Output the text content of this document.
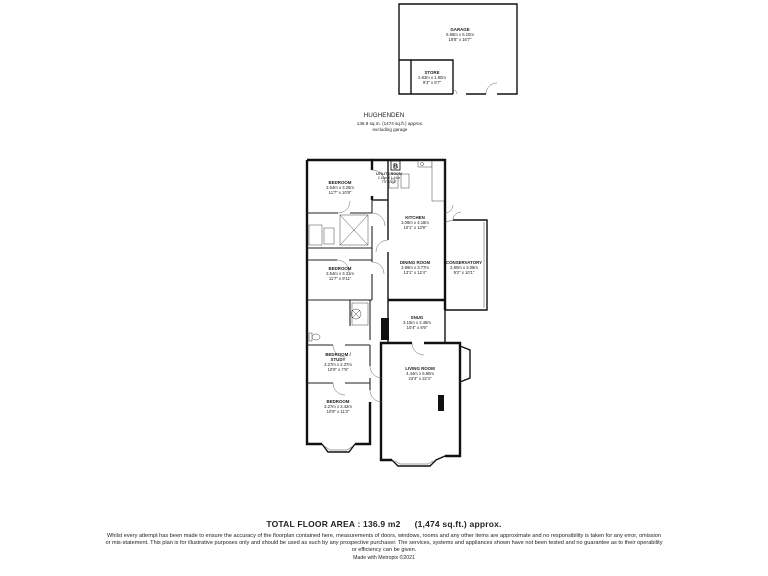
GARAGE
5.68m x 5.10m
18'8" x 16'7"
STORE
2.83m x 1.80m
9'3" x 5'7"
HUGHENDEN
136.9 sq.m. (1474 sq.ft.) approx.
excluding garage
B
BEDROOM
3.54m x 3.26m
11'7" x 10'8"
UTILITY ROOM
2.16m x 1.41m
7'1" x 4'8"
KITCHEN
3.08m x 4.18m
10'1" x 13'9"
BEDROOM
3.54m x 3.31m
11'7" x 9'11"
DINING ROOM
3.99m x 3.77m
13'1" x 12'4"
CONSERVATORY
2.80m x 3.08m
9'2" x 10'1"
SNUG
3.15m x 2.48m
10'4" x 8'6"
BEDROOM /
STUDY
3.27m x 2.37m
10'9" x 7'9"	LIVING ROOM
4.44m x 6.80m
23'4" x 22'4"
BEDROOM
3.27m x 3.42m
10'9" x 11'3"
TOTAL FLOOR AREA : 136.9 m2 (1,474 sq.ft.) approx.
Whilst every attempt has been made to ensure the accuracy of the floorplan contained here, measurements of doors, windows, rooms and any other items are approximate and no responsibility is taken for any error, omission or mis-statement. This plan is for illustrative purposes only and should be used as such by any prospective purchaser. The services, systems and appliances shown have not been tested and no guarantee as to their operability or efficiency can be given.
Made with Metropix ©2021
